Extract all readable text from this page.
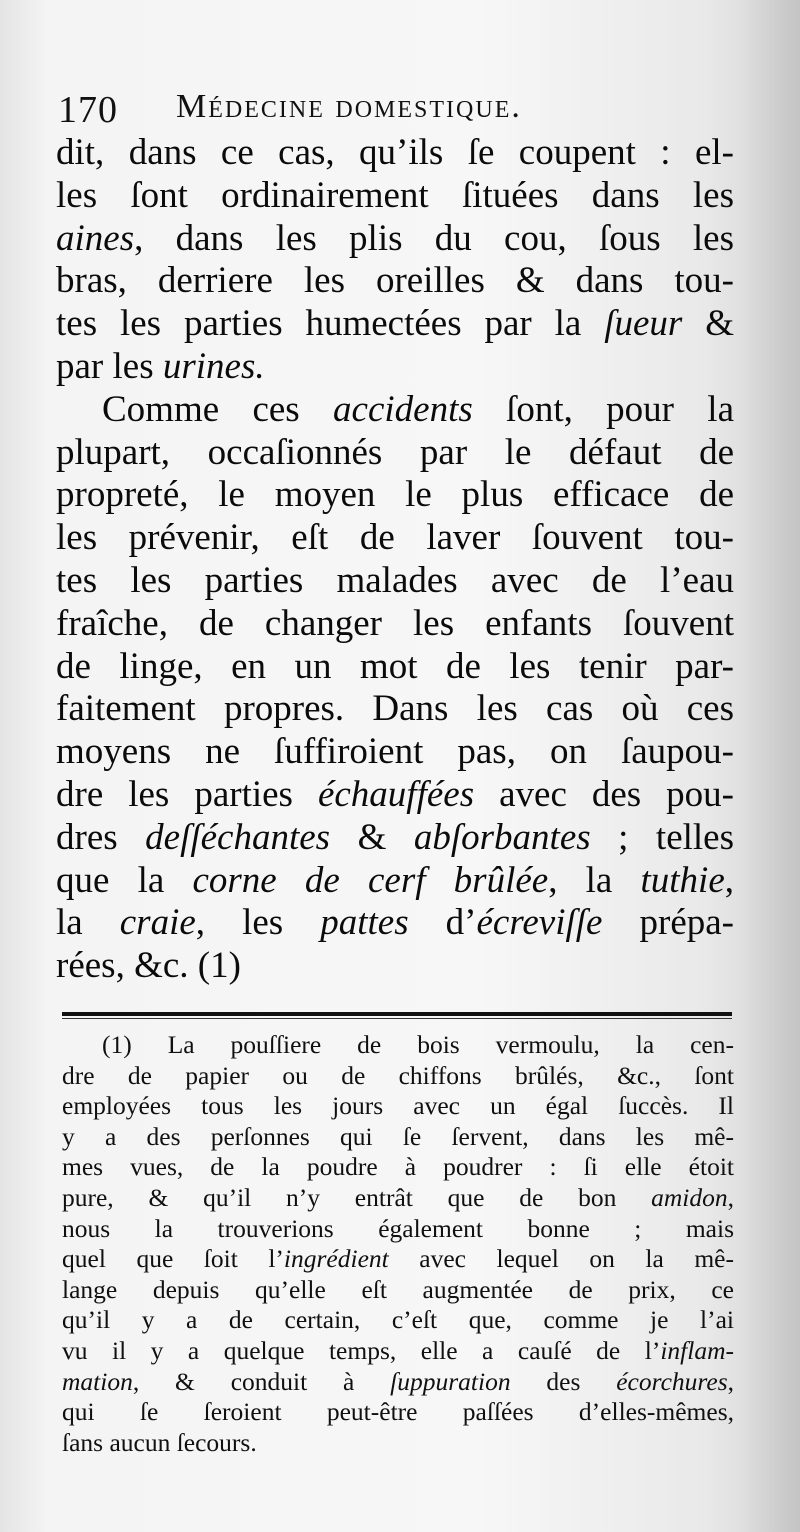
170 Médecine domestique.
dit, dans ce cas, qu’ils ſe coupent : el-
les ſont ordinairement ſituées dans les
aines, dans les plis du cou, ſous les
bras, derriere les oreilles & dans tou-
tes les parties humectées par la ſueur &
par les urines.
Comme ces accidents ſont, pour la
plupart, occaſionnés par le défaut de
propreté, le moyen le plus efficace de
les prévenir, eſt de laver ſouvent tou-
tes les parties malades avec de l’eau
fraîche, de changer les enfants ſouvent
de linge, en un mot de les tenir par-
faitement propres. Dans les cas où ces
moyens ne ſuffiroient pas, on ſaupou-
dre les parties échauffées avec des pou-
dres deſſéchantes & abſorbantes ; telles
que la corne de cerf brûlée, la tuthie,
la craie, les pattes d’écreviſſe prépa-
rées, &c. (1)
(1) La pouſſiere de bois vermoulu, la cen-
dre de papier ou de chiffons brûlés, &c., ſont
employées tous les jours avec un égal ſuccès. Il
y a des perſonnes qui ſe ſervent, dans les mê-
mes vues, de la poudre à poudrer : ſi elle étoit
pure, & qu’il n’y entrât que de bon amidon,
nous la trouverions également bonne ; mais
quel que ſoit l’ingrédient avec lequel on la mê-
lange depuis qu’elle eſt augmentée de prix, ce
qu’il y a de certain, c’eſt que, comme je l’ai
vu il y a quelque temps, elle a cauſé de l’inflam-
mation, & conduit à ſuppuration des écorchures,
qui ſe ſeroient peut-être paſſées d’elles-mêmes,
ſans aucun ſecours.
